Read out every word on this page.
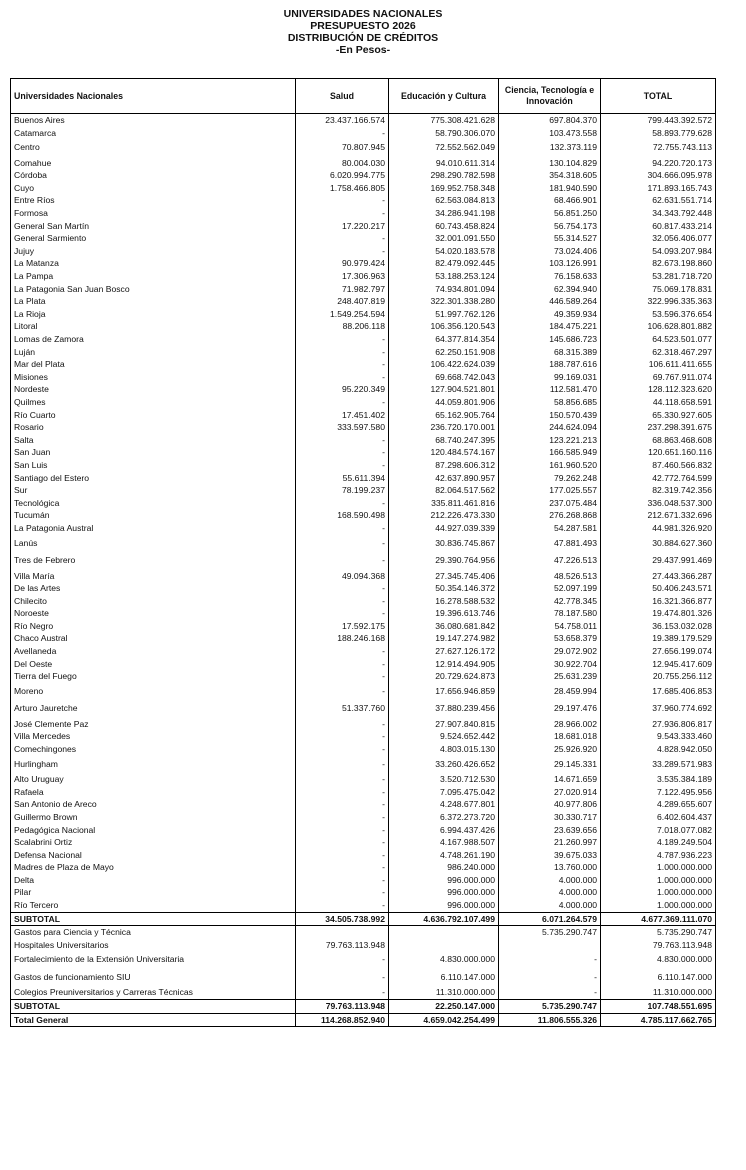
UNIVERSIDADES NACIONALES
PRESUPUESTO 2026
DISTRIBUCIÓN DE CRÉDITOS
-En Pesos-
Universidades Nacionales	Salud	Educación y Cultura	Ciencia, Tecnología e Innovación	TOTAL
Buenos Aires	23.437.166.574	775.308.421.628	697.804.370	799.443.392.572
Catamarca	-	58.790.306.070	103.473.558	58.893.779.628
Centro	70.807.945	72.552.562.049	132.373.119	72.755.743.113
Comahue	80.004.030	94.010.611.314	130.104.829	94.220.720.173
Córdoba	6.020.994.775	298.290.782.598	354.318.605	304.666.095.978
Cuyo	1.758.466.805	169.952.758.348	181.940.590	171.893.165.743
Entre Ríos	-	62.563.084.813	68.466.901	62.631.551.714
Formosa	-	34.286.941.198	56.851.250	34.343.792.448
General San Martín	17.220.217	60.743.458.824	56.754.173	60.817.433.214
General Sarmiento	-	32.001.091.550	55.314.527	32.056.406.077
Jujuy	-	54.020.183.578	73.024.406	54.093.207.984
La Matanza	90.979.424	82.479.092.445	103.126.991	82.673.198.860
La Pampa	17.306.963	53.188.253.124	76.158.633	53.281.718.720
La Patagonia San Juan Bosco	71.982.797	74.934.801.094	62.394.940	75.069.178.831
La Plata	248.407.819	322.301.338.280	446.589.264	322.996.335.363
La Rioja	1.549.254.594	51.997.762.126	49.359.934	53.596.376.654
Litoral	88.206.118	106.356.120.543	184.475.221	106.628.801.882
Lomas de Zamora	-	64.377.814.354	145.686.723	64.523.501.077
Luján	-	62.250.151.908	68.315.389	62.318.467.297
Mar del Plata	-	106.422.624.039	188.787.616	106.611.411.655
Misiones	-	69.668.742.043	99.169.031	69.767.911.074
Nordeste	95.220.349	127.904.521.801	112.581.470	128.112.323.620
Quilmes	-	44.059.801.906	58.856.685	44.118.658.591
Río Cuarto	17.451.402	65.162.905.764	150.570.439	65.330.927.605
Rosario	333.597.580	236.720.170.001	244.624.094	237.298.391.675
Salta	-	68.740.247.395	123.221.213	68.863.468.608
San Juan	-	120.484.574.167	166.585.949	120.651.160.116
San Luis	-	87.298.606.312	161.960.520	87.460.566.832
Santiago del Estero	55.611.394	42.637.890.957	79.262.248	42.772.764.599
Sur	78.199.237	82.064.517.562	177.025.557	82.319.742.356
Tecnológica	-	335.811.461.816	237.075.484	336.048.537.300
Tucumán	168.590.498	212.226.473.330	276.268.868	212.671.332.696
La Patagonia Austral	-	44.927.039.339	54.287.581	44.981.326.920
Lanús	-	30.836.745.867	47.881.493	30.884.627.360
Tres de Febrero	-	29.390.764.956	47.226.513	29.437.991.469
Villa María	49.094.368	27.345.745.406	48.526.513	27.443.366.287
De las Artes	-	50.354.146.372	52.097.199	50.406.243.571
Chilecito	-	16.278.588.532	42.778.345	16.321.366.877
Noroeste	-	19.396.613.746	78.187.580	19.474.801.326
Río Negro	17.592.175	36.080.681.842	54.758.011	36.153.032.028
Chaco Austral	188.246.168	19.147.274.982	53.658.379	19.389.179.529
Avellaneda	-	27.627.126.172	29.072.902	27.656.199.074
Del Oeste	-	12.914.494.905	30.922.704	12.945.417.609
Tierra del Fuego	-	20.729.624.873	25.631.239	20.755.256.112
Moreno	-	17.656.946.859	28.459.994	17.685.406.853
Arturo Jauretche	51.337.760	37.880.239.456	29.197.476	37.960.774.692
José Clemente Paz	-	27.907.840.815	28.966.002	27.936.806.817
Villa Mercedes	-	9.524.652.442	18.681.018	9.543.333.460
Comechingones	-	4.803.015.130	25.926.920	4.828.942.050
Hurlingham	-	33.260.426.652	29.145.331	33.289.571.983
Alto Uruguay	-	3.520.712.530	14.671.659	3.535.384.189
Rafaela	-	7.095.475.042	27.020.914	7.122.495.956
San Antonio de Areco	-	4.248.677.801	40.977.806	4.289.655.607
Guillermo Brown	-	6.372.273.720	30.330.717	6.402.604.437
Pedagógica Nacional	-	6.994.437.426	23.639.656	7.018.077.082
Scalabrini Ortiz	-	4.167.988.507	21.260.997	4.189.249.504
Defensa Nacional	-	4.748.261.190	39.675.033	4.787.936.223
Madres de Plaza de Mayo	-	986.240.000	13.760.000	1.000.000.000
Delta	-	996.000.000	4.000.000	1.000.000.000
Pilar	-	996.000.000	4.000.000	1.000.000.000
Río Tercero	-	996.000.000	4.000.000	1.000.000.000
SUBTOTAL	34.505.738.992	4.636.792.107.499	6.071.264.579	4.677.369.111.070
Gastos para Ciencia y Técnica			5.735.290.747	5.735.290.747
Hospitales Universitarios	79.763.113.948			79.763.113.948
Fortalecimiento de la Extensión Universitaria	-	4.830.000.000	-	4.830.000.000
Gastos de funcionamiento SIU	-	6.110.147.000	-	6.110.147.000
Colegios Preuniversitarios y Carreras Técnicas	-	11.310.000.000	-	11.310.000.000
SUBTOTAL	79.763.113.948	22.250.147.000	5.735.290.747	107.748.551.695
Total General	114.268.852.940	4.659.042.254.499	11.806.555.326	4.785.117.662.765
